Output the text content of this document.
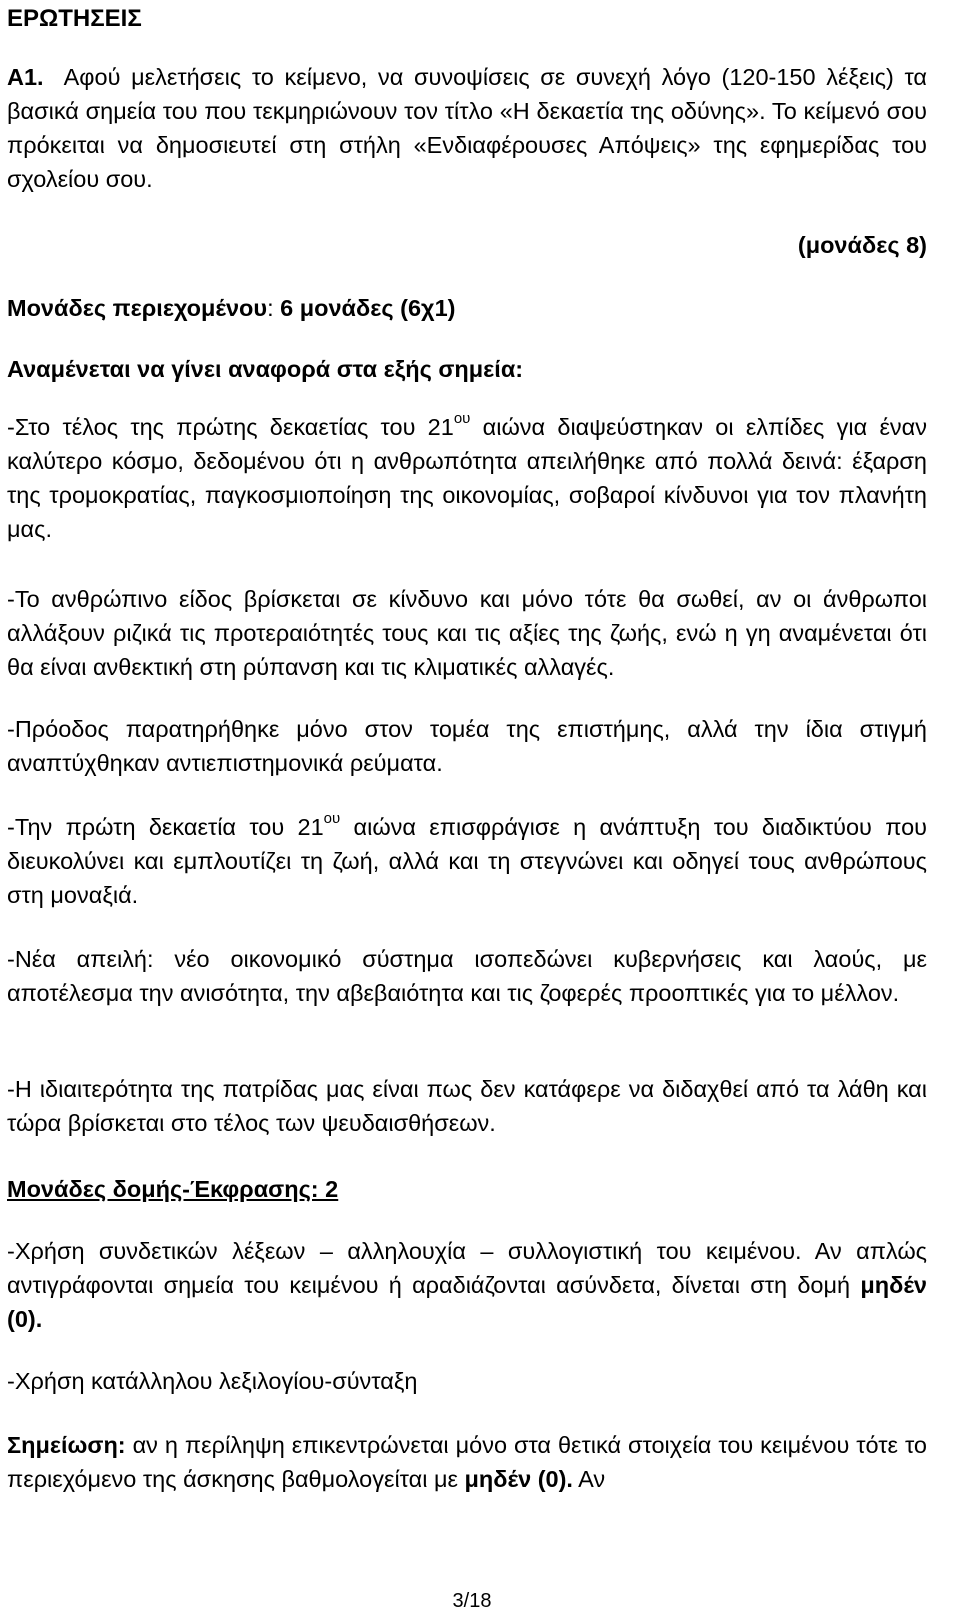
ΕΡΩΤΗΣΕΙΣ

Α1. Αφού μελετήσεις το κείμενο, να συνοψίσεις σε συνεχή λόγο (120-150 λέξεις) τα βασικά σημεία του που τεκμηριώνουν τον τίτλο «Η δεκαετία της οδύνης». Το κείμενό σου πρόκειται να δημοσιευτεί στη στήλη «Ενδιαφέρουσες Απόψεις» της εφημερίδας του σχολείου σου.

(μονάδες 8)
Μονάδες περιεχομένου: 6 μονάδες (6χ1)
Αναμένεται να γίνει αναφορά στα εξής σημεία:

-Στο τέλος της πρώτης δεκαετίας του $21^{o\upsilon}$ αιώνα διαψεύστηκαν οι ελπίδες για έναν καλύτερο κόσμο, δεδομένου ότι η ανθρωπότητα απειλήθηκε από πολλά δεινά: έξαρση της τρομοκρατίας, παγκοσμιοποίηση της οικονομίας, σοβαροί κίνδυνοι για τον πλανήτη μας.

-Το ανθρώπινο είδος βρίσκεται σε κίνδυνο και μόνο τότε θα σωθεί, αν οι άνθρωποι αλλάξουν ριζικά τις προτεραιότητές τους και τις αξίες της ζωής, ενώ η γη αναμένεται ότι θα είναι ανθεκτική στη ρύπανση και τις κλιματικές αλλαγές.

-Πρόοδος παρατηρήθηκε μόνο στον τομέα της επιστήμης, αλλά την ίδια στιγμή αναπτύχθηκαν αντιεπιστημονικά ρεύματα.

-Την πρώτη δεκαετία του $21^{o\upsilon}$ αιώνα επισφράγισε η ανάπτυξη του διαδικτύου που διευκολύνει και εμπλουτίζει τη ζωή, αλλά και τη στεγνώνει και οδηγεί τους ανθρώπους στη μοναξιά.

-Νέα απειλή: νέο οικονομικό σύστημα ισοπεδώνει κυβερνήσεις και λαούς, με αποτέλεσμα την ανισότητα, την αβεβαιότητα και τις ζοφερές προοπτικές για το μέλλον.

-Η ιδιαιτερότητα της πατρίδας μας είναι πως δεν κατάφερε να διδαχθεί από τα λάθη και τώρα βρίσκεται στο τέλος των ψευδαισθήσεων.

Μονάδες δομής-Έκφρασης: 2

-Χρήση συνδετικών λέξεων – αλληλουχία – συλλογιστική του κειμένου. Αν απλώς αντιγράφονται σημεία του κειμένου ή αραδιάζονται ασύνδετα, δίνεται στη δομή μηδέν (0).

-Χρήση κατάλληλου λεξιλογίου-σύνταξη

Σημείωση: αν η περίληψη επικεντρώνεται μόνο στα θετικά στοιχεία του κειμένου τότε το περιεχόμενο της άσκησης βαθμολογείται με μηδέν (0). Αν

3/18
